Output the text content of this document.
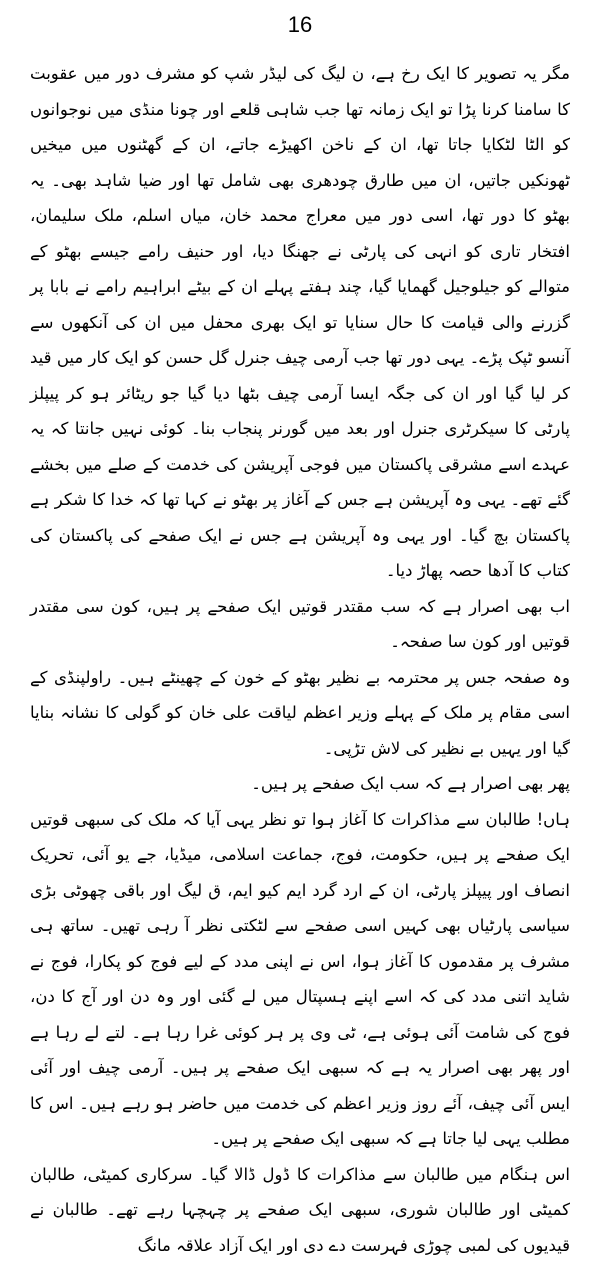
16

مگر یہ تصویر کا ایک رخ ہے، ن لیگ کی لیڈر شپ کو مشرف دور میں عقوبت کا سامنا کرنا پڑا تو ایک زمانہ تھا جب شاہی قلعے اور چونا منڈی میں نوجوانوں کو الٹا لٹکایا جاتا تھا، ان کے ناخن اکھیڑے جاتے، ان کے گھٹنوں میں میخیں ٹھونکیں جاتیں، ان میں طارق چودھری بھی شامل تھا اور ضیا شاہد بھی۔ یہ بھٹو کا دور تھا، اسی دور میں معراج محمد خان، میاں اسلم، ملک سلیمان، افتخار تاری کو انہی کی پارٹی نے جھنگا دیا، اور حنیف رامے جیسے بھٹو کے متوالے کو جیلوجیل گھمایا گیا، چند ہفتے پہلے ان کے بیٹے ابراہیم رامے نے بابا پر گزرنے والی قیامت کا حال سنایا تو ایک بھری محفل میں ان کی آنکھوں سے آنسو ٹپک پڑے۔ یہی دور تھا جب آرمی چیف جنرل گل حسن کو ایک کار میں قید کر لیا گیا اور ان کی جگہ ایسا آرمی چیف بٹھا دیا گیا جو ریٹائر ہو کر پیپلز پارٹی کا سیکرٹری جنرل اور بعد میں گورنر پنجاب بنا۔ کوئی نہیں جانتا کہ یہ عہدے اسے مشرقی پاکستان میں فوجی آپریشن کی خدمت کے صلے میں بخشے گئے تھے۔ یہی وہ آپریشن ہے جس کے آغاز پر بھٹو نے کہا تھا کہ خدا کا شکر ہے پاکستان بچ گیا۔ اور یہی وہ آپریشن ہے جس نے ایک صفحے کی پاکستان کی کتاب کا آدھا حصہ پھاڑ دیا۔

اب بھی اصرار ہے کہ سب مقتدر قوتیں ایک صفحے پر ہیں، کون سی مقتدر قوتیں اور کون سا صفحہ۔

وہ صفحہ جس پر محترمہ بے نظیر بھٹو کے خون کے چھینٹے ہیں۔ راولپنڈی کے اسی مقام پر ملک کے پہلے وزیر اعظم لیاقت علی خان کو گولی کا نشانہ بنایا گیا اور یہیں بے نظیر کی لاش تڑپی۔

پھر بھی اصرار ہے کہ سب ایک صفحے پر ہیں۔

ہاں! طالبان سے مذاکرات کا آغاز ہوا تو نظر یہی آیا کہ ملک کی سبھی قوتیں ایک صفحے پر ہیں، حکومت، فوج، جماعت اسلامی، میڈیا، جے یو آئی، تحریک انصاف اور پیپلز پارٹی، ان کے ارد گرد ایم کیو ایم، ق لیگ اور باقی چھوٹی بڑی سیاسی پارٹیاں بھی کہیں اسی صفحے سے لٹکتی نظر آ رہی تھیں۔ ساتھ ہی مشرف پر مقدموں کا آغاز ہوا، اس نے اپنی مدد کے لیے فوج کو پکارا، فوج نے شاید اتنی مدد کی کہ اسے اپنے ہسپتال میں لے گئی اور وہ دن اور آج کا دن، فوج کی شامت آئی ہوئی ہے، ٹی وی پر ہر کوئی غرا رہا ہے۔ لتے لے رہا ہے اور پھر بھی اصرار یہ ہے کہ سبھی ایک صفحے پر ہیں۔ آرمی چیف اور آئی ایس آئی چیف، آئے روز وزیر اعظم کی خدمت میں حاضر ہو رہے ہیں۔ اس کا مطلب یہی لیا جاتا ہے کہ سبھی ایک صفحے پر ہیں۔

اس ہنگام میں طالبان سے مذاکرات کا ڈول ڈالا گیا۔ سرکاری کمیٹی، طالبان کمیٹی اور طالبان شوری، سبھی ایک صفحے پر چہچہا رہے تھے۔ طالبان نے قیدیوں کی لمبی چوڑی فہرست دے دی اور ایک آزاد علاقہ مانگ
